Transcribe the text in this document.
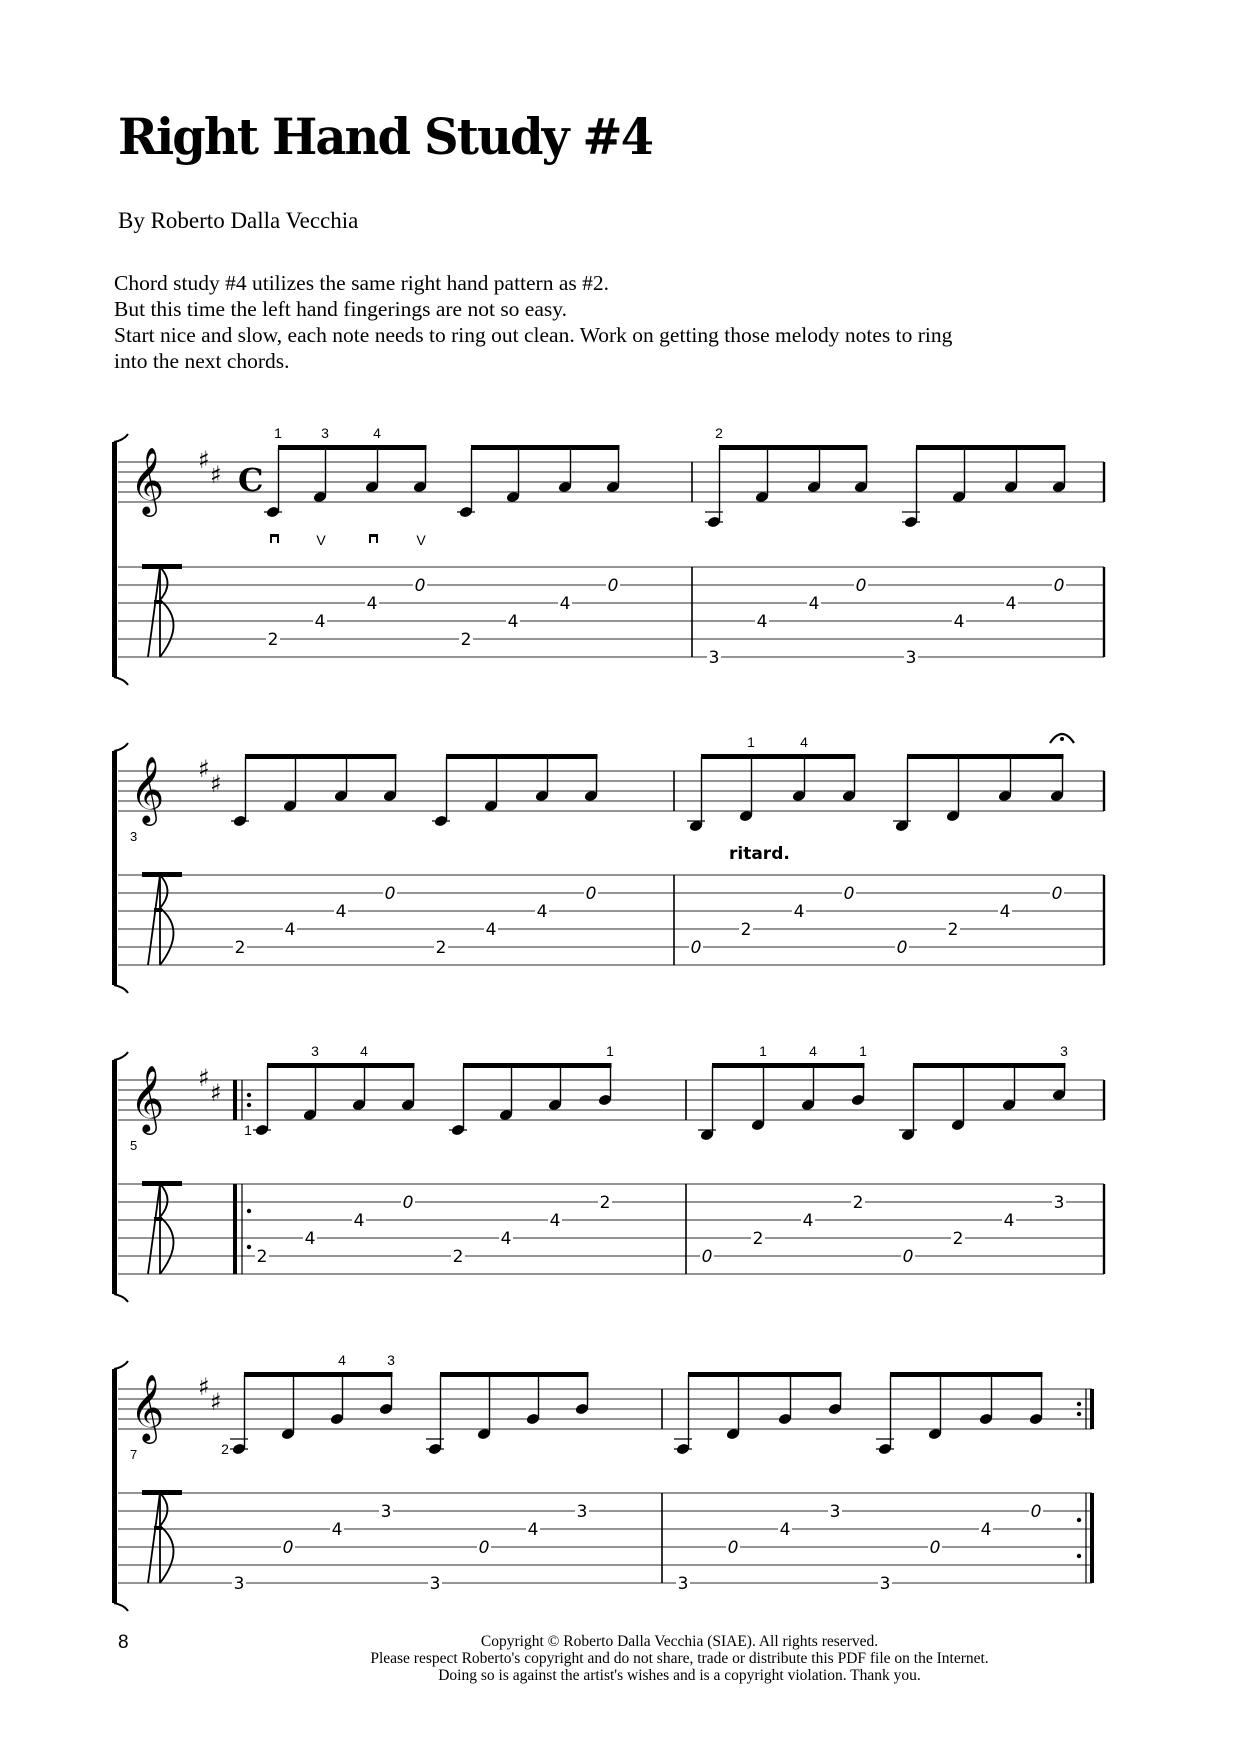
Right Hand Study #4
By Roberto Dalla Vecchia
Chord study #4 utilizes the same right hand pattern as #2.
But this time the left hand fingerings are not so easy.
Start nice and slow, each note needs to ring out clean. Work on getting those melody notes to ring
into the next chords.
𝄞 ♯
♯ C
1
2
3
V
4
4
4
V
0
2
4
4
0
2
3
4
4
0
3
4
4
0
𝄞
3
♯
♯
2
4
4
0
2
4
4
0
0
1
2
4
4
0
0
2
4
0
ritard.
𝄞
5
♯
♯
1
2
3
4
4
4
0
2
4
4
1
2
0
1
2
4
4
1
2
0
2
4
3
3
𝄞
7
♯
♯
2
3
0
4
4
3
3
3
0
4
3
3
0
4
3
3
0
4
0
8	Copyright © Roberto Dalla Vecchia (SIAE). All rights reserved.
Please respect Roberto's copyright and do not share, trade or distribute this PDF file on the Internet.
Doing so is against the artist's wishes and is a copyright violation. Thank you.
